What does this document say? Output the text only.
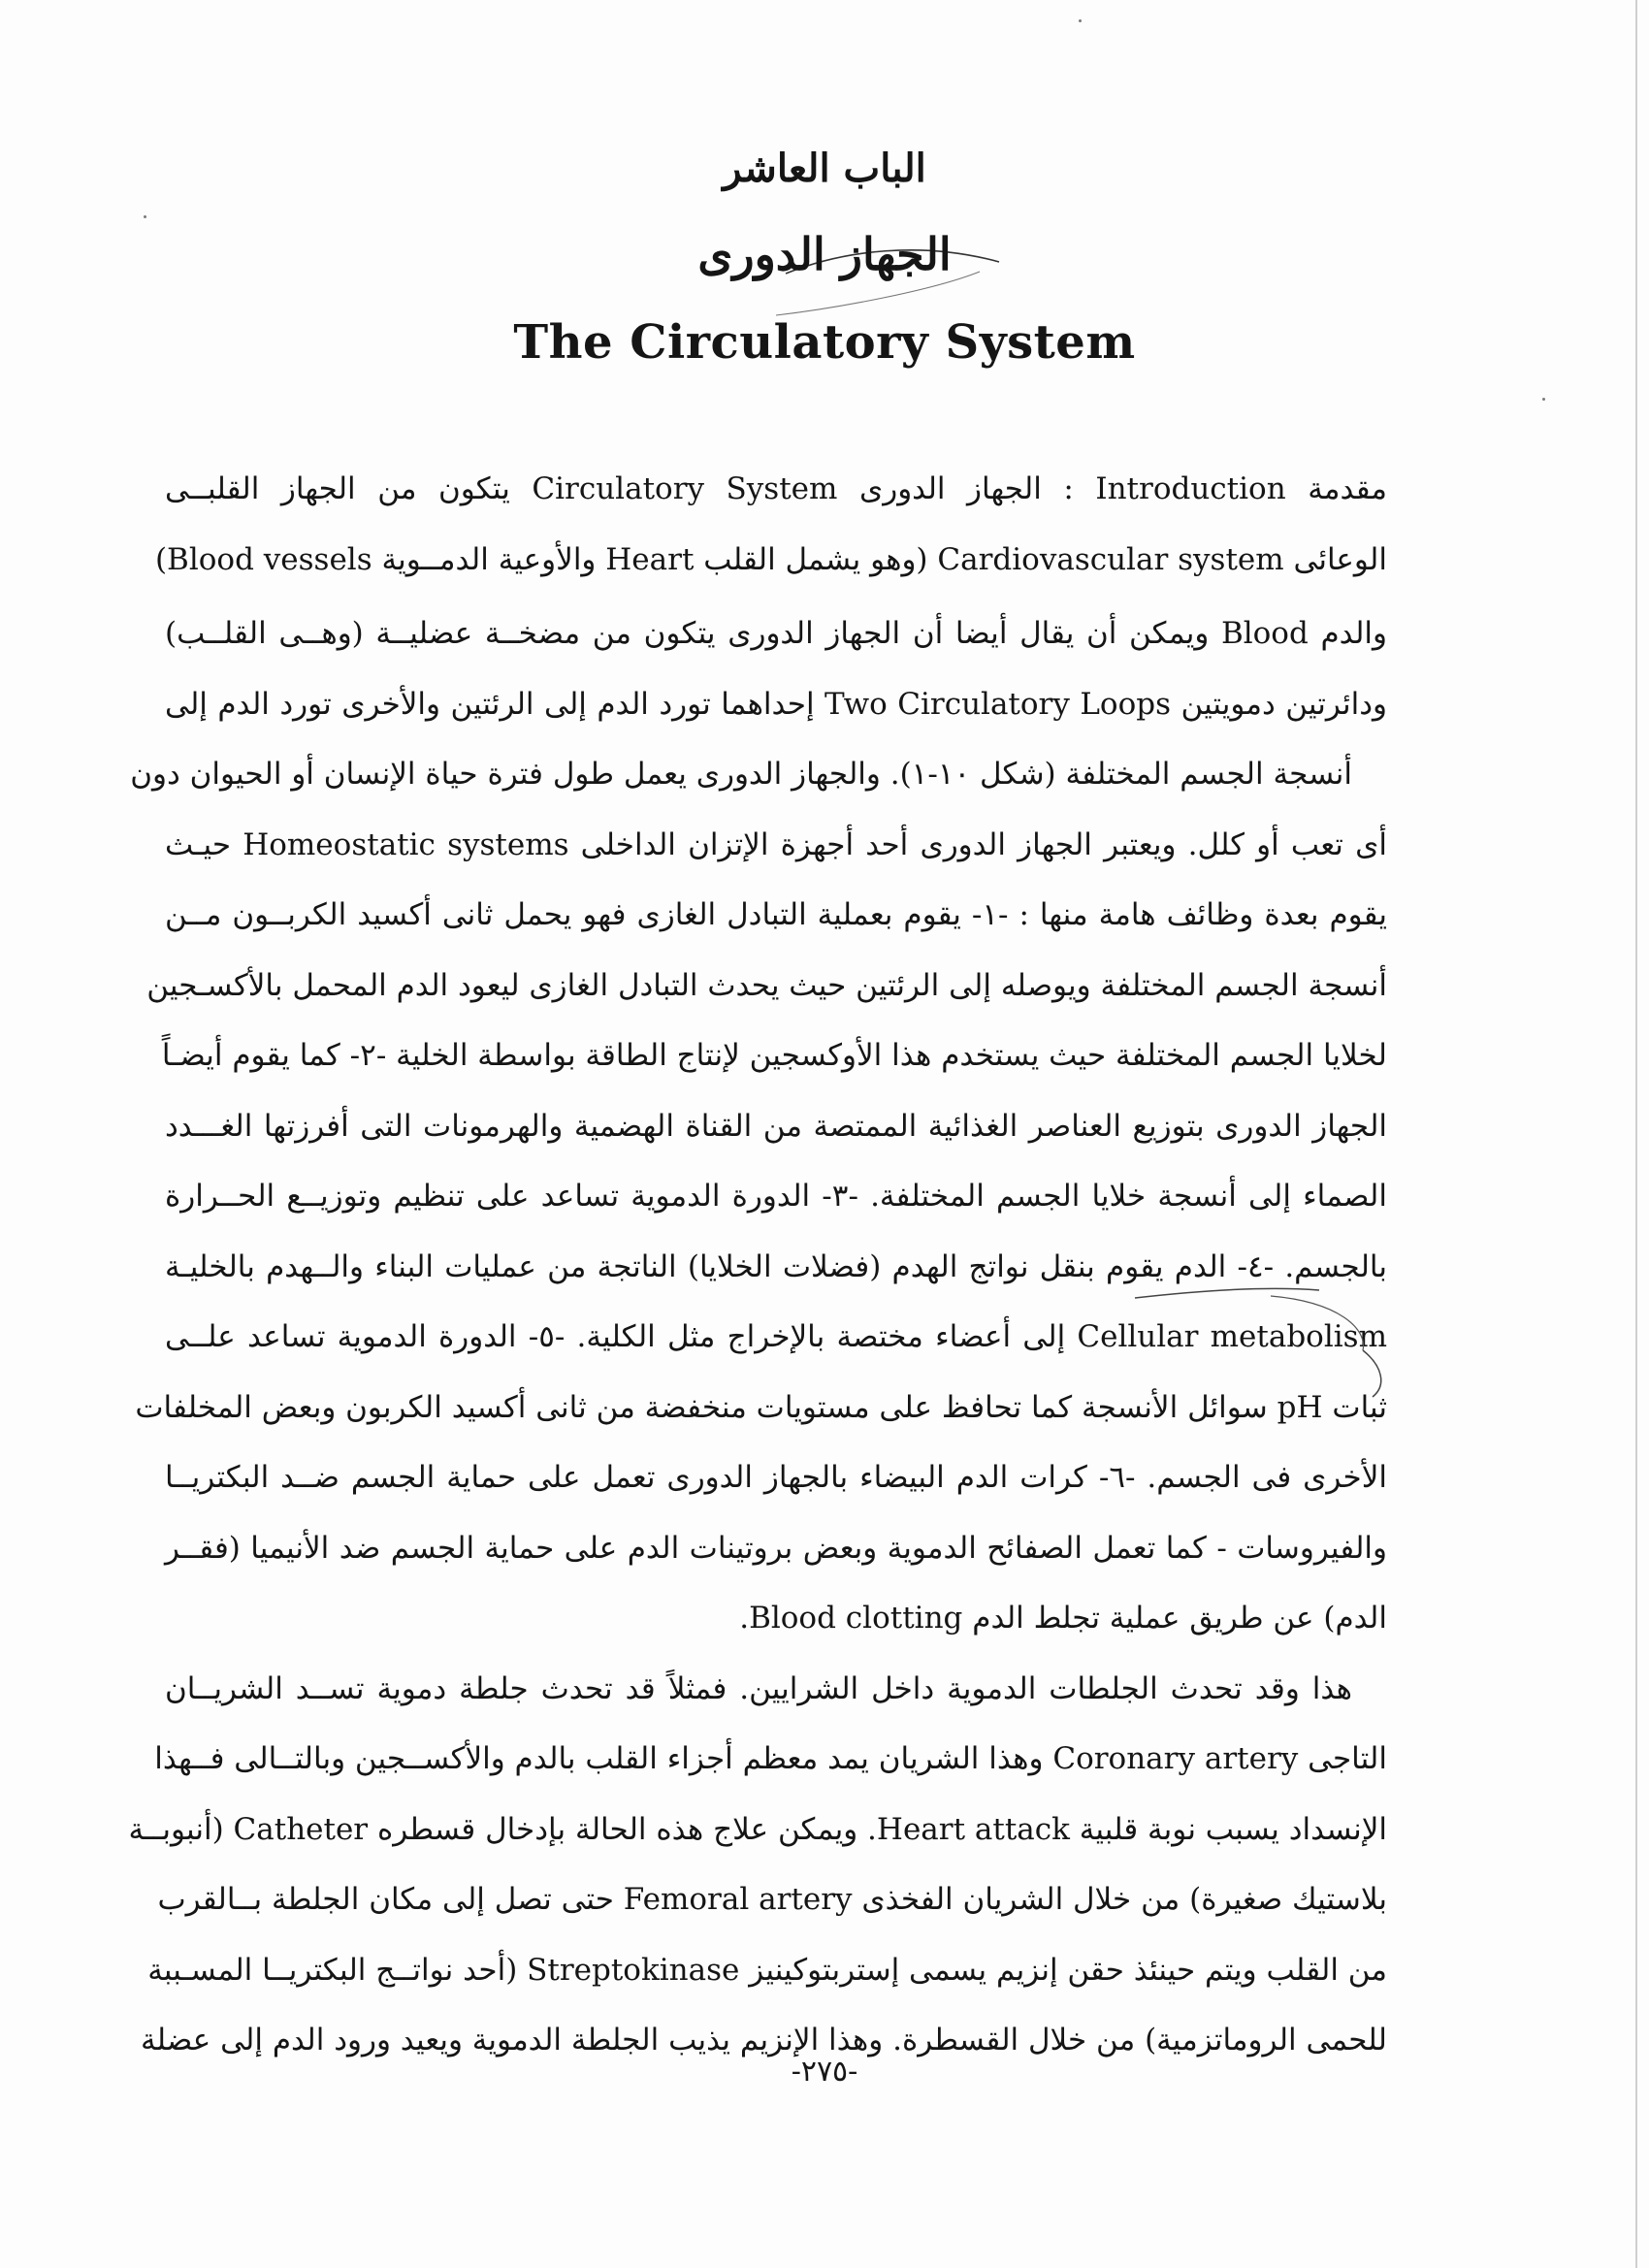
الباب العاشر
الجهاز الدورى
The Circulatory System
مقدمة Introduction : الجهاز الدورى Circulatory System يتكون من الجهاز القلبــى
الوعائى Cardiovascular system (وهو يشمل القلب Heart والأوعية الدمــوية Blood vessels)
والدم Blood ويمكن أن يقال أيضا أن الجهاز الدورى يتكون من مضخــة عضليــة (وهــى القلــب)
ودائرتين دمويتين Two Circulatory Loops إحداهما تورد الدم إلى الرئتين والأخرى تورد الدم إلى
أنسجة الجسم المختلفة (شكل ١٠-١). والجهاز الدورى يعمل طول فترة حياة الإنسان أو الحيوان دون
أى تعب أو كلل. ويعتبر الجهاز الدورى أحد أجهزة الإتزان الداخلى Homeostatic systems حيـث
يقوم بعدة وظائف هامة منها : -١- يقوم بعملية التبادل الغازى فهو يحمل ثانى أكسيد الكربــون مــن
أنسجة الجسم المختلفة ويوصله إلى الرئتين حيث يحدث التبادل الغازى ليعود الدم المحمل بالأكسـجين
لخلايا الجسم المختلفة حيث يستخدم هذا الأوكسجين لإنتاج الطاقة بواسطة الخلية -٢- كما يقوم أيضـاً
الجهاز الدورى بتوزيع العناصر الغذائية الممتصة من القناة الهضمية والهرمونات التى أفرزتها الغـــدد
الصماء إلى أنسجة خلايا الجسم المختلفة. -٣- الدورة الدموية تساعد على تنظيم وتوزيــع الحــرارة
بالجسم. -٤- الدم يقوم بنقل نواتج الهدم (فضلات الخلايا) الناتجة من عمليات البناء والــهدم بالخليـة
Cellular metabolism إلى أعضاء مختصة بالإخراج مثل الكلية. -٥- الدورة الدموية تساعد علــى
ثبات pH سوائل الأنسجة كما تحافظ على مستويات منخفضة من ثانى أكسيد الكربون وبعض المخلفات
الأخرى فى الجسم. -٦- كرات الدم البيضاء بالجهاز الدورى تعمل على حماية الجسم ضــد البكتريــا
والفيروسات - كما تعمل الصفائح الدموية وبعض بروتينات الدم على حماية الجسم ضد الأنيميا (فقــر
الدم) عن طريق عملية تجلط الدم Blood clotting.
هذا وقد تحدث الجلطات الدموية داخل الشرايين. فمثلاً قد تحدث جلطة دموية تســد الشريــان
التاجى Coronary artery وهذا الشريان يمد معظم أجزاء القلب بالدم والأكســجين وبالتــالى فــهذا
الإنسداد يسبب نوبة قلبية Heart attack. ويمكن علاج هذه الحالة بإدخال قسطره Catheter (أنبوبــة
بلاستيك صغيرة) من خلال الشريان الفخذى Femoral artery حتى تصل إلى مكان الجلطة بــالقرب
من القلب ويتم حينئذ حقن إنزيم يسمى إستربتوكينيز Streptokinase (أحد نواتــج البكتريــا المسـببة
للحمى الروماتزمية) من خلال القسطرة. وهذا الإنزيم يذيب الجلطة الدموية ويعيد ورود الدم إلى عضلة
-٢٧٥-
